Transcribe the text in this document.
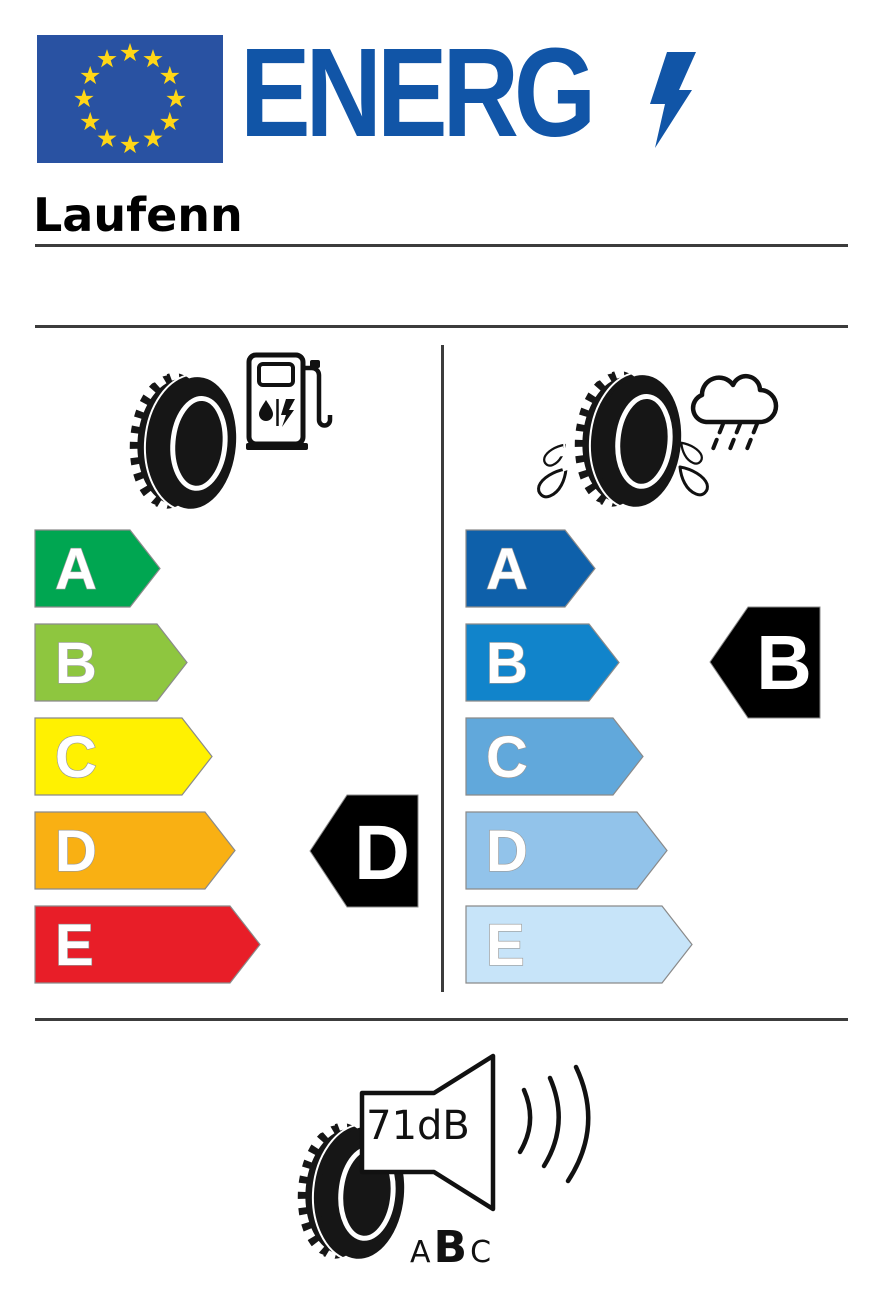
ENERG
Laufenn
A
B
C
D
E
D
A
B
C
D
E
B
71dB
A B C
